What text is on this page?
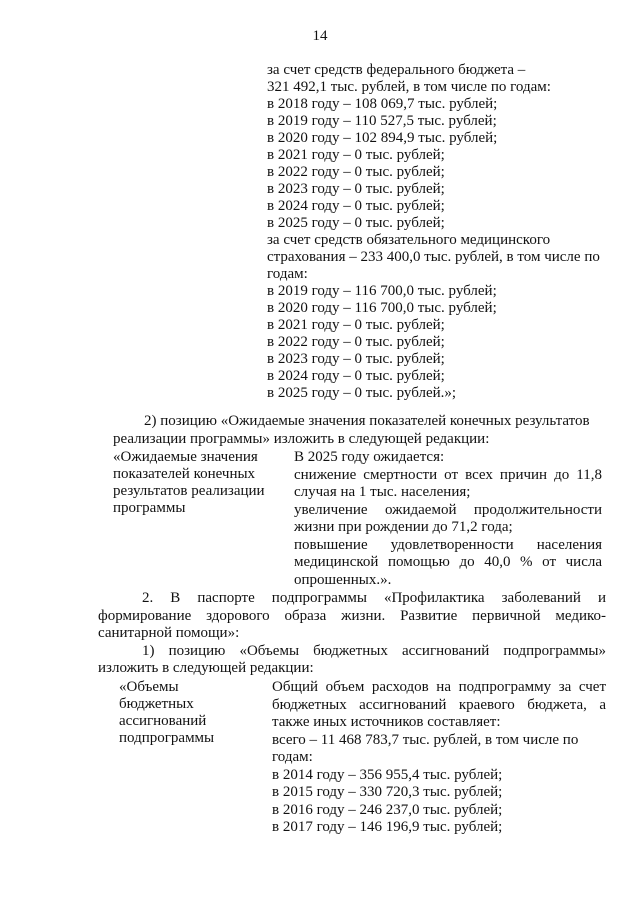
14
за счет средств федерального бюджета –
321 492,1 тыс. рублей, в том числе по годам:
в 2018 году – 108 069,7 тыс. рублей;
в 2019 году – 110 527,5 тыс. рублей;
в 2020 году – 102 894,9 тыс. рублей;
в 2021 году – 0 тыс. рублей;
в 2022 году – 0 тыс. рублей;
в 2023 году – 0 тыс. рублей;
в 2024 году – 0 тыс. рублей;
в 2025 году – 0 тыс. рублей;
за счет средств обязательного медицинского
страхования – 233 400,0 тыс. рублей, в том числе по
годам:
в 2019 году – 116 700,0 тыс. рублей;
в 2020 году – 116 700,0 тыс. рублей;
в 2021 году – 0 тыс. рублей;
в 2022 году – 0 тыс. рублей;
в 2023 году – 0 тыс. рублей;
в 2024 году – 0 тыс. рублей;
в 2025 году – 0 тыс. рублей.»;
2) позицию «Ожидаемые значения показателей конечных результатов
реализации программы» изложить в следующей редакции:
«Ожидаемые значения
показателей конечных
результатов реализации
программы
В 2025 году ожидается:
снижение смертности от всех причин до 11,8
случая на 1 тыс. населения;
увеличение ожидаемой продолжительности
жизни при рождении до 71,2 года;
повышение удовлетворенности населения
медицинской помощью до 40,0 % от числа
опрошенных.».
2. В паспорте подпрограммы «Профилактика заболеваний и
формирование здорового образа жизни. Развитие первичной медико-
санитарной помощи»:
1) позицию «Объемы бюджетных ассигнований подпрограммы»
изложить в следующей редакции:
«Объемы
бюджетных
ассигнований
подпрограммы
Общий объем расходов на подпрограмму за счет
бюджетных ассигнований краевого бюджета, а
также иных источников составляет:
всего – 11 468 783,7 тыс. рублей, в том числе по
годам:
в 2014 году – 356 955,4 тыс. рублей;
в 2015 году – 330 720,3 тыс. рублей;
в 2016 году – 246 237,0 тыс. рублей;
в 2017 году – 146 196,9 тыс. рублей;
